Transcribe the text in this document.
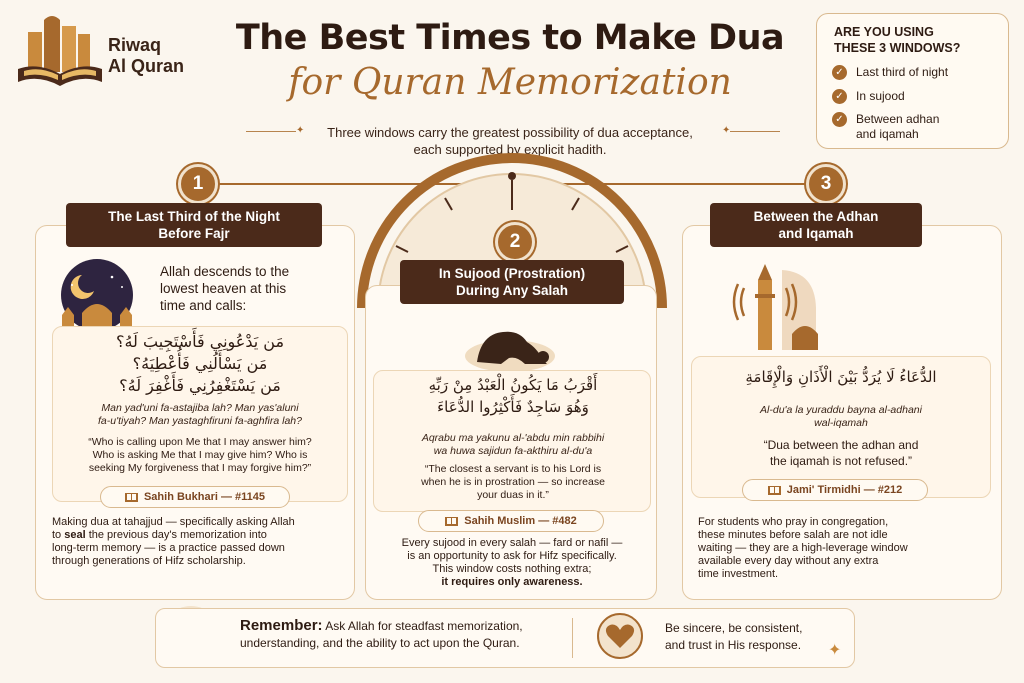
Riwaq
Al Quran
The Best Times to Make Dua
for Quran Memorization
✦	✦
Three windows carry the greatest possibility of dua acceptance,
each supported by explicit hadith.
ARE YOU USING
THESE 3 WINDOWS?
✓ Last third of night
✓ In sujood
✓ Between adhan
and iqamah
1
The Last Third of the Night
Before Fajr
Allah descends to the
lowest heaven at this
time and calls:
مَن يَدْعُونِي فَأَسْتَجِيبَ لَهُ؟
مَن يَسْأَلُنِي فَأُعْطِيَهُ؟
مَن يَسْتَغْفِرُنِي فَأَغْفِرَ لَهُ؟
Man yad'uni fa-astajiba lah? Man yas'aluni
fa-u'tiyah? Man yastaghfiruni fa-aghfira lah?
“Who is calling upon Me that I may answer him?
Who is asking Me that I may give him? Who is
seeking My forgiveness that I may forgive him?”
Sahih Bukhari — #1145
Making dua at tahajjud — specifically asking Allah
to seal the previous day's memorization into
long-term memory — is a practice passed down
through generations of Hifz scholarship.
2
In Sujood (Prostration)
During Any Salah
أَقْرَبُ مَا يَكُونُ الْعَبْدُ مِنْ رَبِّهِ
وَهُوَ سَاجِدٌ فَأَكْثِرُوا الدُّعَاءَ
Aqrabu ma yakunu al-'abdu min rabbihi
wa huwa sajidun fa-akthiru al-du'a
“The closest a servant is to his Lord is
when he is in prostration — so increase
your duas in it.”
Sahih Muslim — #482
Every sujood in every salah — fard or nafil —
is an opportunity to ask for Hifz specifically.
This window costs nothing extra;
it requires only awareness.
3
Between the Adhan
and Iqamah
الدُّعَاءُ لَا يُرَدُّ بَيْنَ الْأَذَانِ وَالْإِقَامَةِ
Al-du'a la yuraddu bayna al-adhani
wal-iqamah
“Dua between the adhan and
the iqamah is not refused.”
Jami' Tirmidhi — #212
For students who pray in congregation,
these minutes before salah are not idle
waiting — they are a high-leverage window
available every day without any extra
time investment.
Remember: Ask Allah for steadfast memorization,
understanding, and the ability to act upon the Quran.
Be sincere, be consistent,
and trust in His response.	✦
